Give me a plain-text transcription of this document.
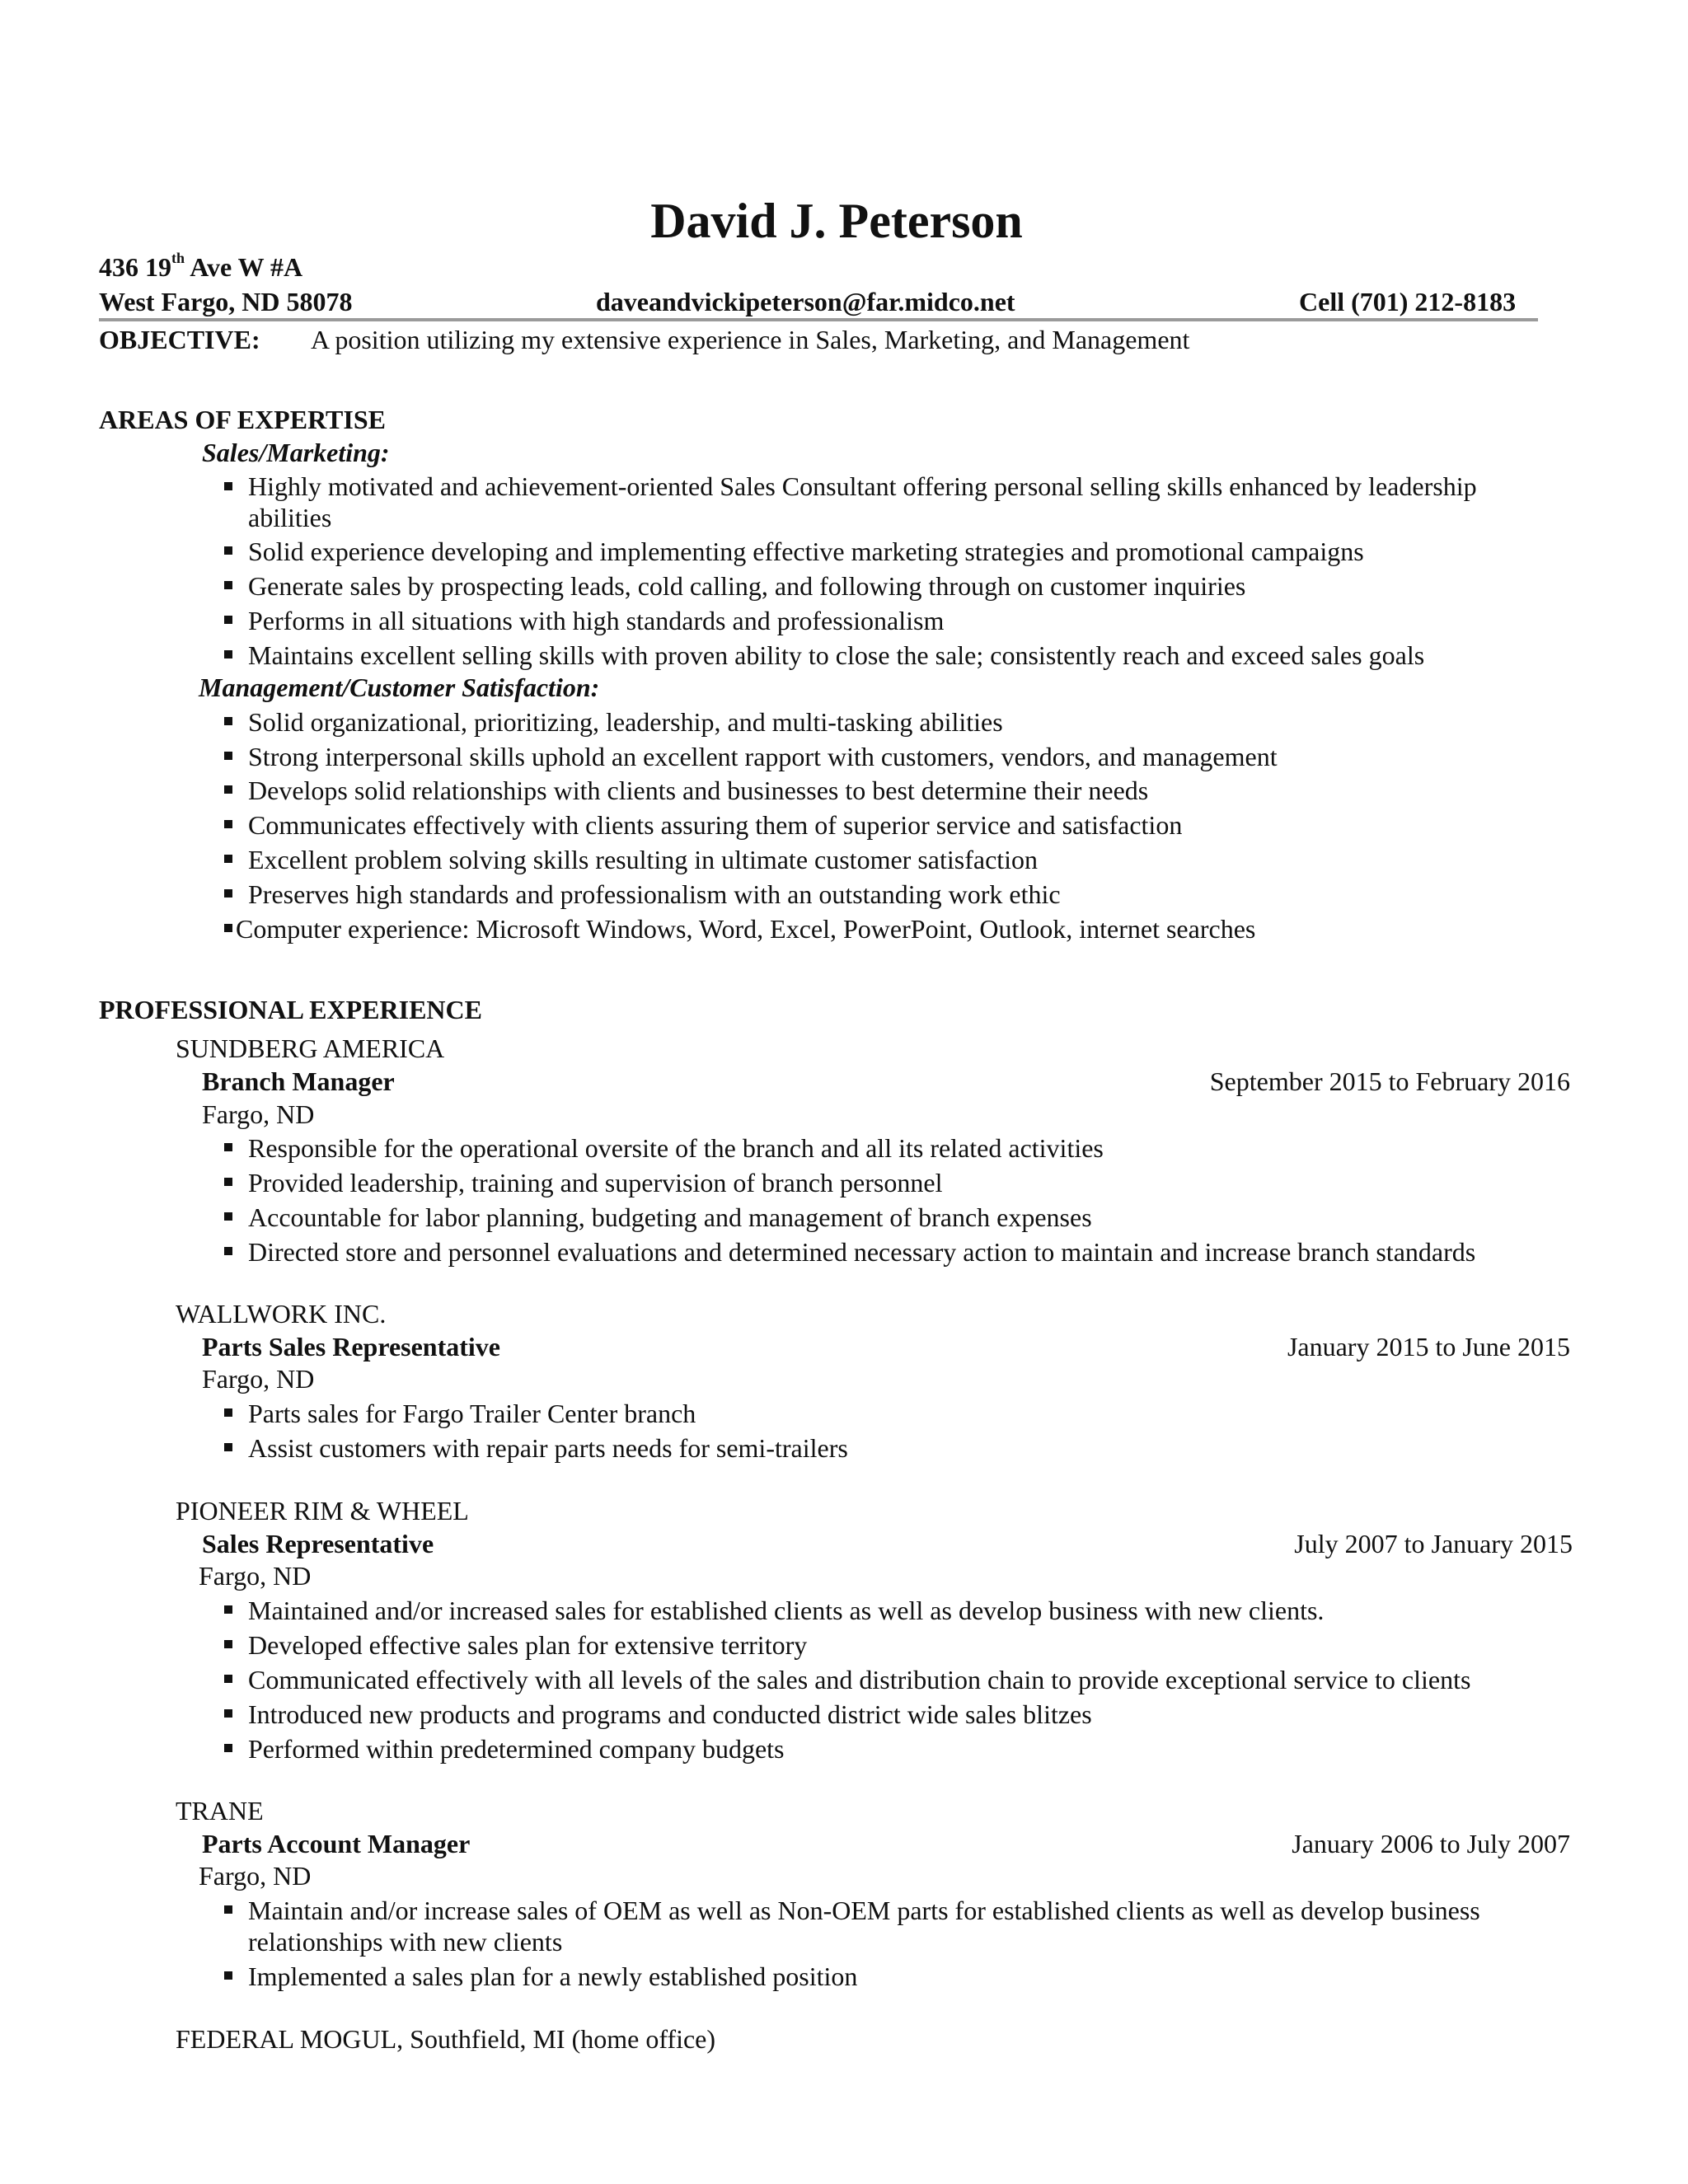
David J. Peterson
436 19th Ave W #A
West Fargo, ND 58078	daveandvickipeterson@far.midco.net	Cell (701) 212-8183
OBJECTIVE: A position utilizing my extensive experience in Sales, Marketing, and Management
AREAS OF EXPERTISE
Sales/Marketing:
Highly motivated and achievement-oriented Sales Consultant offering personal selling skills enhanced by leadership
abilities
Solid experience developing and implementing effective marketing strategies and promotional campaigns
Generate sales by prospecting leads, cold calling, and following through on customer inquiries
Performs in all situations with high standards and professionalism
Maintains excellent selling skills with proven ability to close the sale; consistently reach and exceed sales goals
Management/Customer Satisfaction:
Solid organizational, prioritizing, leadership, and multi-tasking abilities
Strong interpersonal skills uphold an excellent rapport with customers, vendors, and management
Develops solid relationships with clients and businesses to best determine their needs
Communicates effectively with clients assuring them of superior service and satisfaction
Excellent problem solving skills resulting in ultimate customer satisfaction
Preserves high standards and professionalism with an outstanding work ethic
Computer experience: Microsoft Windows, Word, Excel, PowerPoint, Outlook, internet searches
PROFESSIONAL EXPERIENCE
SUNDBERG AMERICA
Branch Manager	September 2015 to February 2016
Fargo, ND
Responsible for the operational oversite of the branch and all its related activities
Provided leadership, training and supervision of branch personnel
Accountable for labor planning, budgeting and management of branch expenses
Directed store and personnel evaluations and determined necessary action to maintain and increase branch standards
WALLWORK INC.
Parts Sales Representative	January 2015 to June 2015
Fargo, ND
Parts sales for Fargo Trailer Center branch
Assist customers with repair parts needs for semi-trailers
PIONEER RIM & WHEEL
Sales Representative	July 2007 to January 2015
Fargo, ND
Maintained and/or increased sales for established clients as well as develop business with new clients.
Developed effective sales plan for extensive territory
Communicated effectively with all levels of the sales and distribution chain to provide exceptional service to clients
Introduced new products and programs and conducted district wide sales blitzes
Performed within predetermined company budgets
TRANE
Parts Account Manager	January 2006 to July 2007
Fargo, ND
Maintain and/or increase sales of OEM as well as Non-OEM parts for established clients as well as develop business
relationships with new clients
Implemented a sales plan for a newly established position
FEDERAL MOGUL, Southfield, MI (home office)
